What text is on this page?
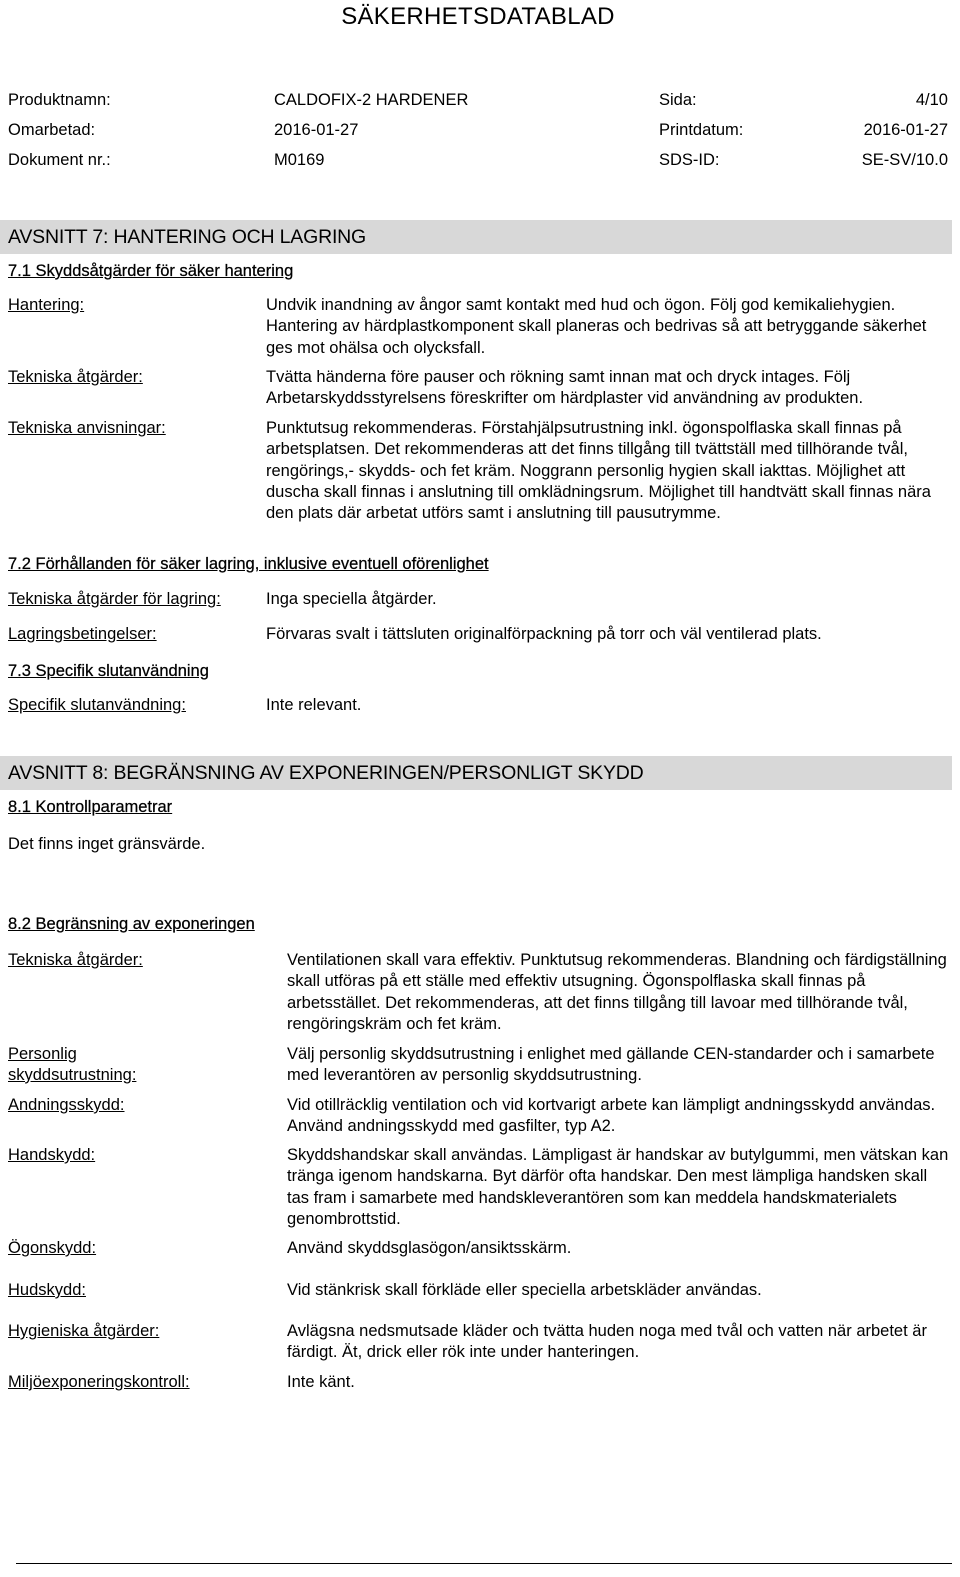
SÄKERHETSDATABLAD
Produktnamn:	CALDOFIX-2 HARDENER	Sida:	4/10
Omarbetad:	2016-01-27	Printdatum:	2016-01-27
Dokument nr.:	M0169	SDS-ID:	SE-SV/10.0
AVSNITT 7: HANTERING OCH LAGRING
7.1 Skyddsåtgärder för säker hantering
Hantering:	Undvik inandning av ångor samt kontakt med hud och ögon. Följ god kemikaliehygien. Hantering av härdplastkomponent skall planeras och bedrivas så att betryggande säkerhet ges mot ohälsa och olycksfall.
Tekniska åtgärder:	Tvätta händerna före pauser och rökning samt innan mat och dryck intages. Följ Arbetarskyddsstyrelsens föreskrifter om härdplaster vid användning av produkten.
Tekniska anvisningar:	Punktutsug rekommenderas. Förstahjälpsutrustning inkl. ögonspolflaska skall finnas på arbetsplatsen. Det rekommenderas att det finns tillgång till tvättställ med tillhörande tvål, rengörings,- skydds- och fet kräm. Noggrann personlig hygien skall iakttas. Möjlighet att duscha skall finnas i anslutning till omklädningsrum. Möjlighet till handtvätt skall finnas nära den plats där arbetat utförs samt i anslutning till pausutrymme.
7.2 Förhållanden för säker lagring, inklusive eventuell oförenlighet
Tekniska åtgärder för lagring:	Inga speciella åtgärder.
Lagringsbetingelser:	Förvaras svalt i tättsluten originalförpackning på torr och väl ventilerad plats.
7.3 Specifik slutanvändning
Specifik slutanvändning:	Inte relevant.
AVSNITT 8: BEGRÄNSNING AV EXPONERINGEN/PERSONLIGT SKYDD
8.1 Kontrollparametrar
Det finns inget gränsvärde.
8.2 Begränsning av exponeringen
Tekniska åtgärder:	Ventilationen skall vara effektiv. Punktutsug rekommenderas. Blandning och färdigställning skall utföras på ett ställe med effektiv utsugning. Ögonspolflaska skall finnas på arbetsstället. Det rekommenderas, att det finns tillgång till lavoar med tillhörande tvål, rengöringskräm och fet kräm.
Personlig
skyddsutrustning:
Välj personlig skyddsutrustning i enlighet med gällande CEN-standarder och i samarbete med leverantören av personlig skyddsutrustning.
Andningsskydd:	Vid otillräcklig ventilation och vid kortvarigt arbete kan lämpligt andningsskydd användas. Använd andningsskydd med gasfilter, typ A2.
Handskydd:	Skyddshandskar skall användas. Lämpligast är handskar av butylgummi, men vätskan kan tränga igenom handskarna. Byt därför ofta handskar. Den mest lämpliga handsken skall tas fram i samarbete med handskleverantören som kan meddela handskmaterialets genombrottstid.
Ögonskydd:	Använd skyddsglasögon/ansiktsskärm.
Hudskydd:	Vid stänkrisk skall förkläde eller speciella arbetskläder användas.
Hygieniska åtgärder:	Avlägsna nedsmutsade kläder och tvätta huden noga med tvål och vatten när arbetet är färdigt. Ät, drick eller rök inte under hanteringen.
Miljöexponeringskontroll:	Inte känt.
